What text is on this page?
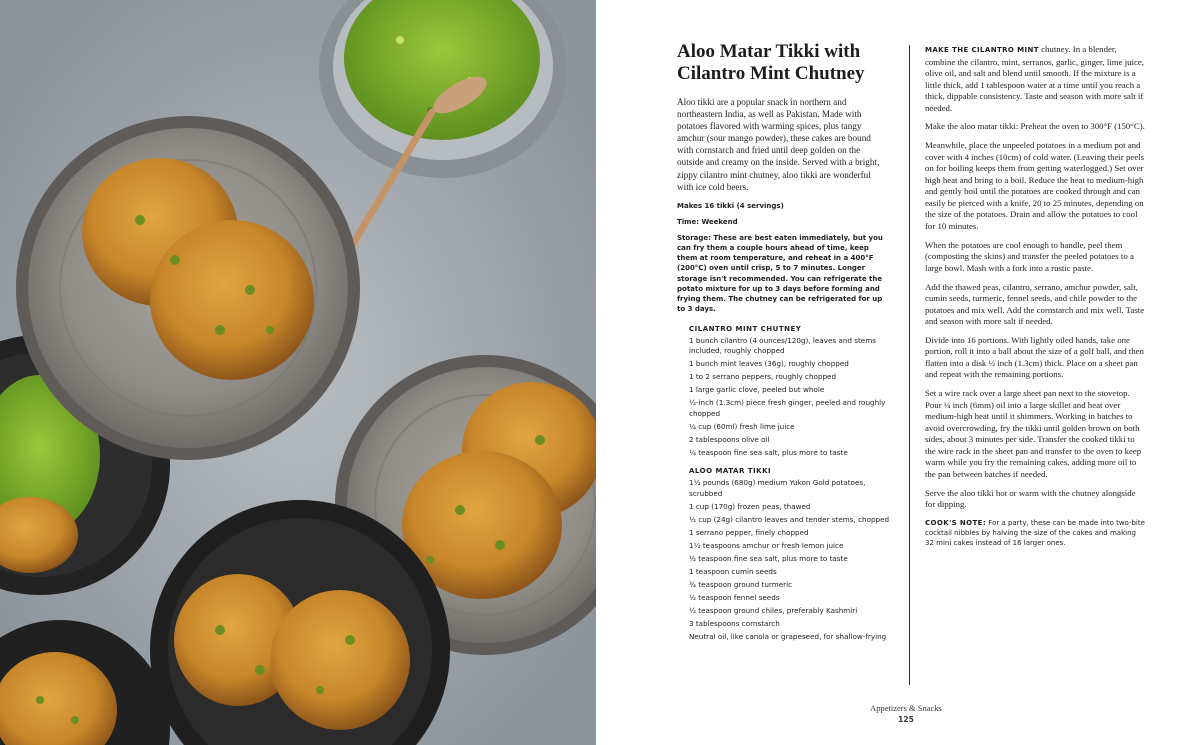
Aloo Matar Tikki with Cilantro Mint Chutney

Aloo tikki are a popular snack in northern and northeastern India, as well as Pakistan. Made with potatoes flavored with warming spices, plus tangy amchur (sour mango powder), these cakes are bound with cornstarch and fried until deep golden on the outside and creamy on the inside. Served with a bright, zippy cilantro mint chutney, aloo tikki are wonderful with ice cold beers.

Makes 16 tikki (4 servings)

Time: Weekend

Storage: These are best eaten immediately, but you can fry them a couple hours ahead of time, keep them at room temperature, and reheat in a 400°F (200°C) oven until crisp, 5 to 7 minutes. Longer storage isn't recommended. You can refrigerate the potato mixture for up to 3 days before forming and frying them. The chutney can be refrigerated for up to 3 days.

CILANTRO MINT CHUTNEY
1 bunch cilantro (4 ounces/120g), leaves and stems included, roughly chopped
1 bunch mint leaves (36g), roughly chopped
1 to 2 serrano peppers, roughly chopped
1 large garlic clove, peeled but whole
½-inch (1.3cm) piece fresh ginger, peeled and roughly chopped
¼ cup (60ml) fresh lime juice
2 tablespoons olive oil
¼ teaspoon fine sea salt, plus more to taste
ALOO MATAR TIKKI
1½ pounds (680g) medium Yukon Gold potatoes, scrubbed
1 cup (170g) frozen peas, thawed
½ cup (24g) cilantro leaves and tender stems, chopped
1 serrano pepper, finely chopped
1½ teaspoons amchur or fresh lemon juice
½ teaspoon fine sea salt, plus more to taste
1 teaspoon cumin seeds
¾ teaspoon ground turmeric
½ teaspoon fennel seeds
½ teaspoon ground chiles, preferably Kashmiri
3 tablespoons cornstarch
Neutral oil, like canola or grapeseed, for shallow-frying

MAKE THE CILANTRO MINT chutney. In a blender, combine the cilantro, mint, serranos, garlic, ginger, lime juice, olive oil, and salt and blend until smooth. If the mixture is a little thick, add 1 tablespoon water at a time until you reach a thick, dippable consistency. Taste and season with more salt if needed.

Make the aloo matar tikki: Preheat the oven to 300°F (150°C).

Meanwhile, place the unpeeled potatoes in a medium pot and cover with 4 inches (10cm) of cold water. (Leaving their peels on for boiling keeps them from getting waterlogged.) Set over high heat and bring to a boil. Reduce the heat to medium-high and gently boil until the potatoes are cooked through and can easily be pierced with a knife, 20 to 25 minutes, depending on the size of the potatoes. Drain and allow the potatoes to cool for 10 minutes.

When the potatoes are cool enough to handle, peel them (composting the skins) and transfer the peeled potatoes to a large bowl. Mash with a fork into a rustic paste.

Add the thawed peas, cilantro, serrano, amchur powder, salt, cumin seeds, turmeric, fennel seeds, and chile powder to the potatoes and mix well. Add the cornstarch and mix well. Taste and season with more salt if needed.

Divide into 16 portions. With lightly oiled hands, take one portion, roll it into a ball about the size of a golf ball, and then flatten into a disk ½ inch (1.3cm) thick. Place on a sheet pan and repeat with the remaining portions.

Set a wire rack over a large sheet pan next to the stovetop. Pour ¼ inch (6mm) oil into a large skillet and heat over medium-high heat until it shimmers. Working in batches to avoid overcrowding, fry the tikki until golden brown on both sides, about 3 minutes per side. Transfer the cooked tikki to the wire rack in the sheet pan and transfer to the oven to keep warm while you fry the remaining cakes, adding more oil to the pan between batches if needed.

Serve the aloo tikki hot or warm with the chutney alongside for dipping.

COOK'S NOTE: For a party, these can be made into two-bite cocktail nibbles by halving the size of the cakes and making 32 mini cakes instead of 16 larger ones.

Appetizers & Snacks
125
